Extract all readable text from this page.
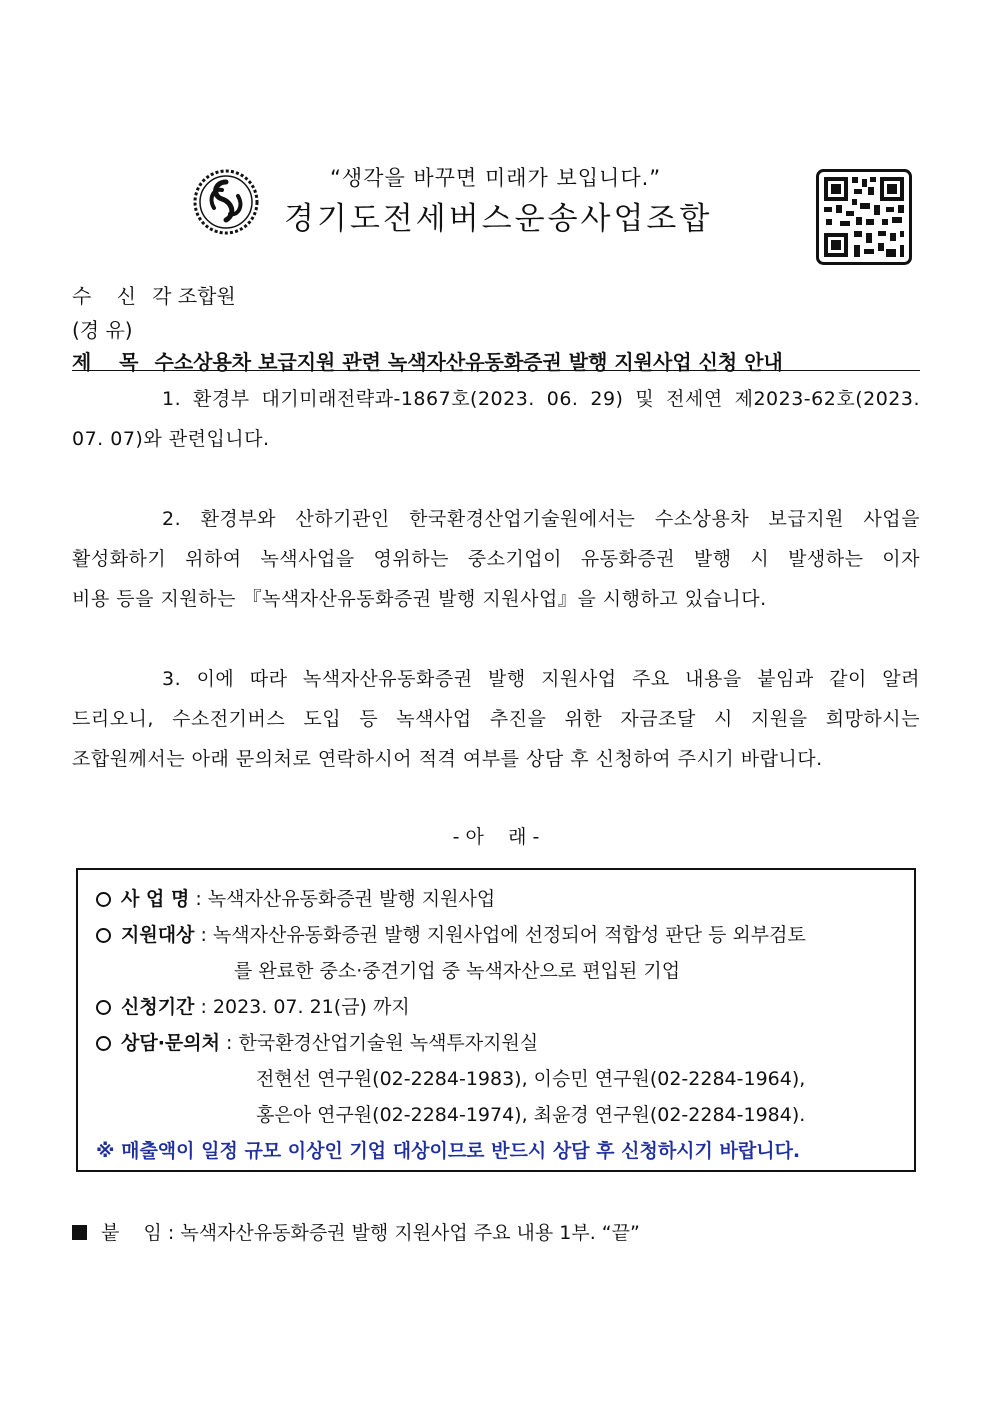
“생각을 바꾸면 미래가 보입니다.”
경기도전세버스운송사업조합
수    신 각 조합원
(경 유)
제    목 수소상용차 보급지원 관련 녹색자산유동화증권 발행 지원사업 신청 안내
1. 환경부 대기미래전략과-1867호(2023. 06. 29) 및 전세연 제2023-62호(2023.
07. 07)와 관련입니다.
2. 환경부와 산하기관인 한국환경산업기술원에서는 수소상용차 보급지원 사업을
활성화하기 위하여 녹색사업을 영위하는 중소기업이 유동화증권 발행 시 발생하는 이자
비용 등을 지원하는 『녹색자산유동화증권 발행 지원사업』을 시행하고 있습니다.
3. 이에 따라 녹색자산유동화증권 발행 지원사업 주요 내용을 붙임과 같이 알려
드리오니, 수소전기버스 도입 등 녹색사업 추진을 위한 자금조달 시 지원을 희망하시는
조합원께서는 아래 문의처로 연락하시어 적격 여부를 상담 후 신청하여 주시기 바랍니다.
- 아    래 -
사 업 명 : 녹색자산유동화증권 발행 지원사업
지원대상 : 녹색자산유동화증권 발행 지원사업에 선정되어 적합성 판단 등 외부검토
를 완료한 중소·중견기업 중 녹색자산으로 편입된 기업
신청기간 : 2023. 07. 21(금) 까지
상담·문의처 : 한국환경산업기술원 녹색투자지원실
전현선 연구원(02-2284-1983), 이승민 연구원(02-2284-1964),
홍은아 연구원(02-2284-1974), 최윤경 연구원(02-2284-1984).
※ 매출액이 일정 규모 이상인 기업 대상이므로 반드시 상담 후 신청하시기 바랍니다.
붙    임 : 녹색자산유동화증권 발행 지원사업 주요 내용 1부. “끝”
